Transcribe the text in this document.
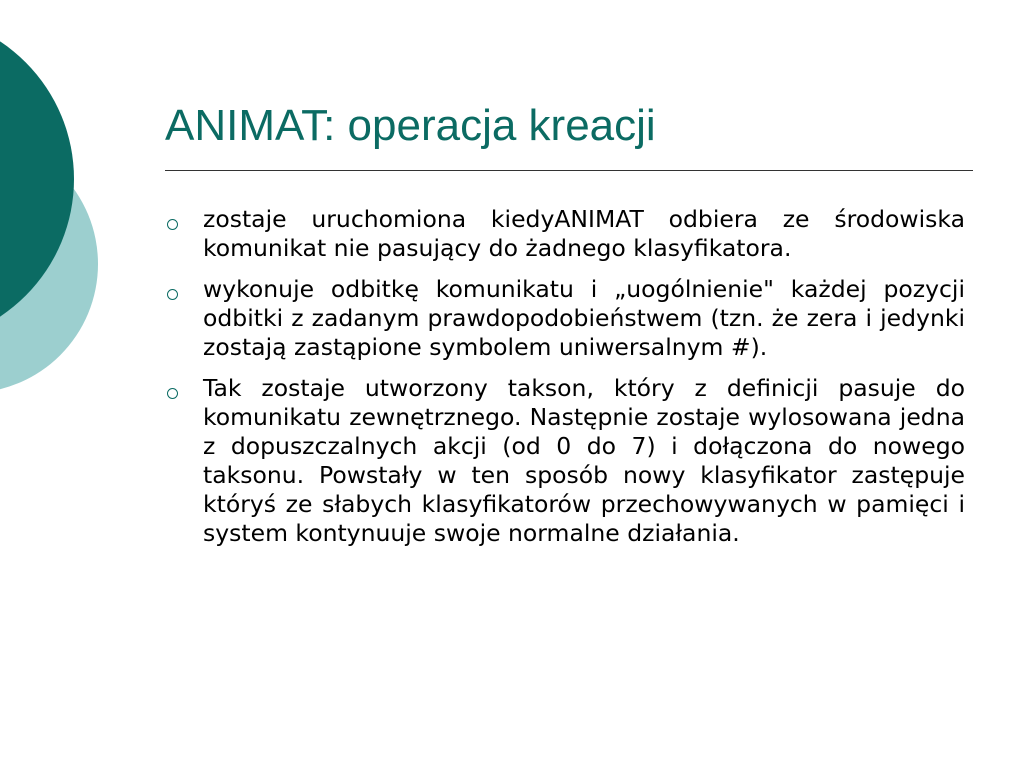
ANIMAT: operacja kreacji
zostaje uruchomiona kiedyANIMAT odbiera ze środowiska komunikat nie pasujący do żadnego klasyfikatora.
wykonuje odbitkę komunikatu i „uogólnienie" każdej pozycji odbitki z zadanym prawdopodobieństwem (tzn. że zera i jedynki zostają zastąpione symbolem uniwersalnym #).
Tak zostaje utworzony takson, który z definicji pasuje do komunikatu zewnętrznego. Następnie zostaje wylosowana jedna z dopuszczalnych akcji (od 0 do 7) i dołączona do nowego taksonu. Powstały w ten sposób nowy klasyfikator zastępuje któryś ze słabych klasyfikatorów przechowywanych w pamięci i system kontynuuje swoje normalne działania.
